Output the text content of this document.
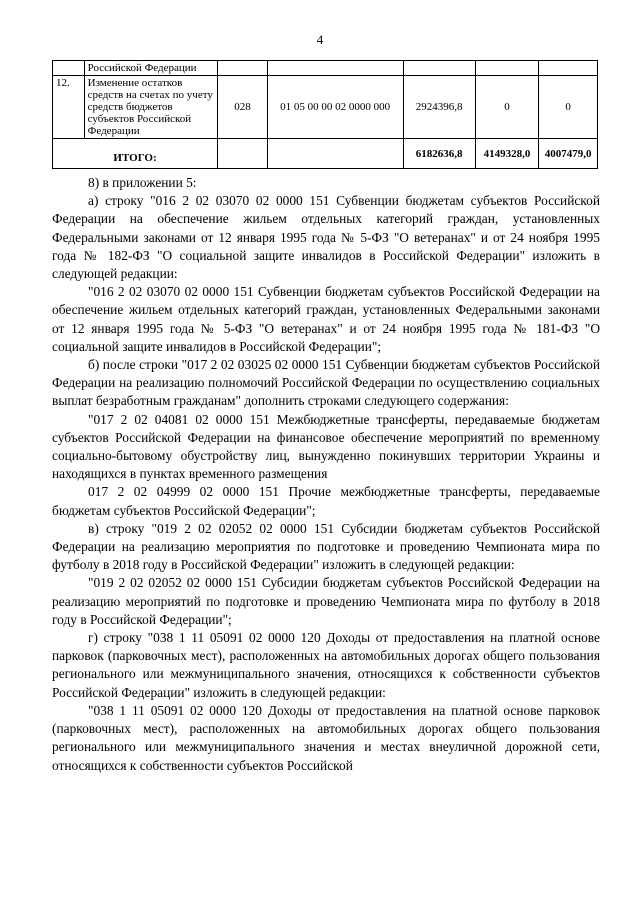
4
	Российской Федерации					
12.	Изменение остатков средств на счетах по учету средств бюджетов субъектов Российской Федерации	028	01 05 00 00 02 0000 000	2924396,8	0	0
ИТОГО:				6182636,8	4149328,0	4007479,0

8) в приложении 5:

а) строку "016 2 02 03070 02 0000 151 Субвенции бюджетам субъектов Российской Федерации на обеспечение жильем отдельных категорий граждан, установленных Федеральными законами от 12 января 1995 года № 5-ФЗ "О ветеранах" и от 24 ноября 1995 года № 182-ФЗ "О социальной защите инвалидов в Российской Федерации" изложить в следующей редакции:

"016 2 02 03070 02 0000 151 Субвенции бюджетам субъектов Российской Федерации на обеспечение жильем отдельных категорий граждан, установленных Федеральными законами от 12 января 1995 года № 5-ФЗ "О ветеранах" и от 24 ноября 1995 года № 181-ФЗ "О социальной защите инвалидов в Российской Федерации";

б) после строки "017 2 02 03025 02 0000 151 Субвенции бюджетам субъектов Российской Федерации на реализацию полномочий Российской Федерации по осуществлению социальных выплат безработным гражданам" дополнить строками следующего содержания:

"017 2 02 04081 02 0000 151 Межбюджетные трансферты, передаваемые бюджетам субъектов Российской Федерации на финансовое обеспечение мероприятий по временному социально-бытовому обустройству лиц, вынужденно покинувших территории Украины и находящихся в пунктах временного размещения

017 2 02 04999 02 0000 151 Прочие межбюджетные трансферты, передаваемые бюджетам субъектов Российской Федерации";

в) строку "019 2 02 02052 02 0000 151 Субсидии бюджетам субъектов Российской Федерации на реализацию мероприятия по подготовке и проведению Чемпионата мира по футболу в 2018 году в Российской Федерации" изложить в следующей редакции:

"019 2 02 02052 02 0000 151 Субсидии бюджетам субъектов Российской Федерации на реализацию мероприятий по подготовке и проведению Чемпионата мира по футболу в 2018 году в Российской Федерации";

г) строку "038 1 11 05091 02 0000 120 Доходы от предоставления на платной основе парковок (парковочных мест), расположенных на автомобильных дорогах общего пользования регионального или межмуниципального значения, относящихся к собственности субъектов Российской Федерации" изложить в следующей редакции:

"038 1 11 05091 02 0000 120 Доходы от предоставления на платной основе парковок (парковочных мест), расположенных на автомобильных дорогах общего пользования регионального или межмуниципального значения и местах внеуличной дорожной сети, относящихся к собственности субъектов Российской
